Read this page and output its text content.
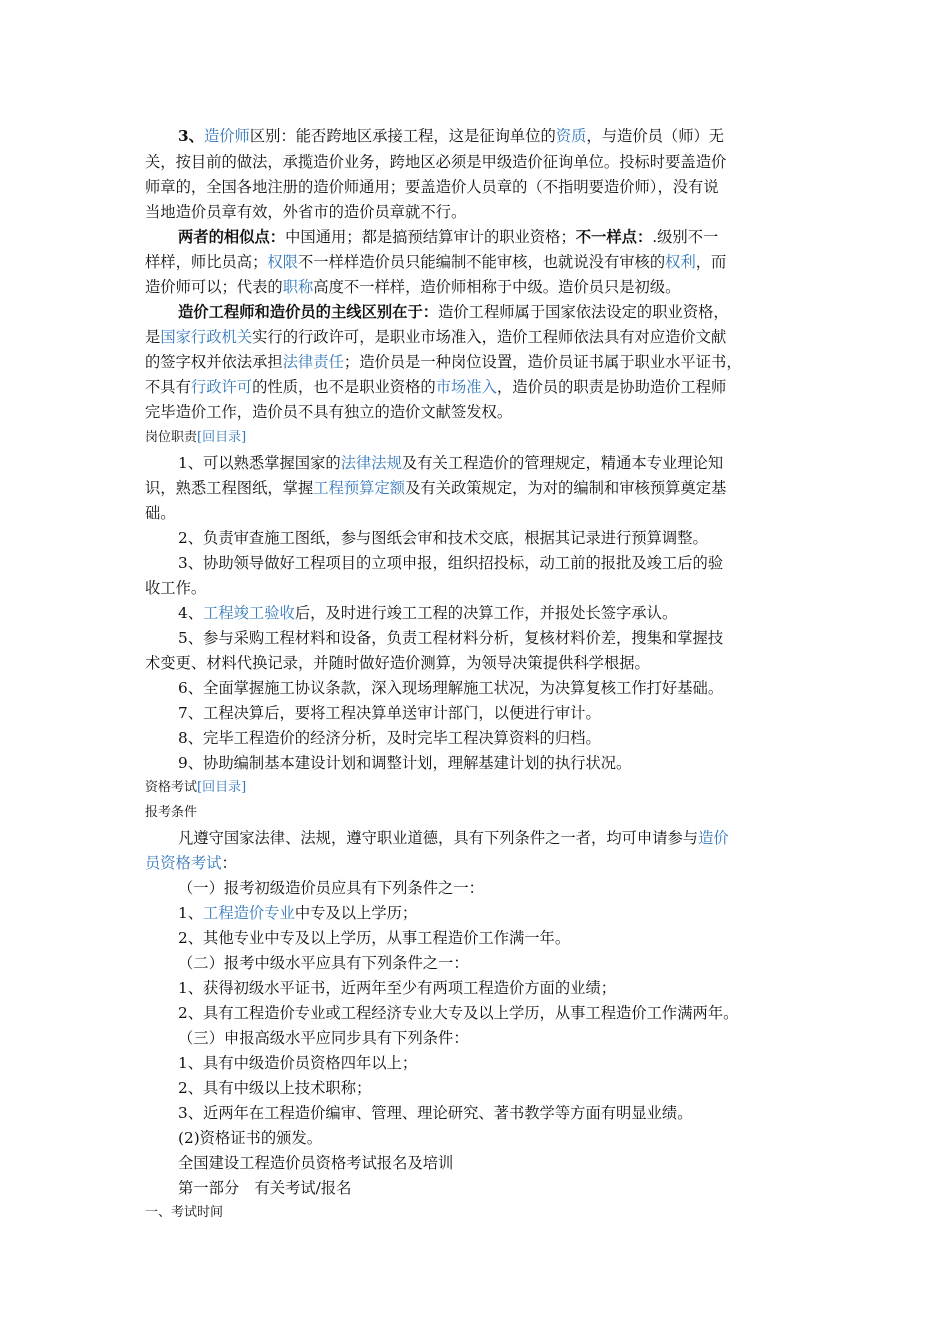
3、造价师区别：能否跨地区承接工程，这是征询单位的资质，与造价员（师）无
关，按目前的做法，承揽造价业务，跨地区必须是甲级造价征询单位。投标时要盖造价
师章的，全国各地注册的造价师通用；要盖造价人员章的（不指明要造价师），没有说
当地造价员章有效，外省市的造价员章就不行。
两者的相似点：中国通用；都是搞预结算审计的职业资格；不一样点：.级别不一
样样，师比员高；权限不一样样造价员只能编制不能审核，也就说没有审核的权利，而
造价师可以；代表的职称高度不一样样，造价师相称于中级。造价员只是初级。
造价工程师和造价员的主线区别在于：造价工程师属于国家依法设定的职业资格，
是国家行政机关实行的行政许可，是职业市场准入，造价工程师依法具有对应造价文献
的签字权并依法承担法律责任；造价员是一种岗位设置，造价员证书属于职业水平证书，
不具有行政许可的性质，也不是职业资格的市场准入，造价员的职责是协助造价工程师
完毕造价工作，造价员不具有独立的造价文献签发权。
岗位职责[回目录]
1、可以熟悉掌握国家的法律法规及有关工程造价的管理规定，精通本专业理论知
识，熟悉工程图纸，掌握工程预算定额及有关政策规定，为对的编制和审核预算奠定基
础。
2、负责审查施工图纸，参与图纸会审和技术交底，根据其记录进行预算调整。
3、协助领导做好工程项目的立项申报，组织招投标，动工前的报批及竣工后的验
收工作。
4、工程竣工验收后，及时进行竣工工程的决算工作，并报处长签字承认。
5、参与采购工程材料和设备，负责工程材料分析，复核材料价差，搜集和掌握技
术变更、材料代换记录，并随时做好造价测算，为领导决策提供科学根据。
6、全面掌握施工协议条款，深入现场理解施工状况，为决算复核工作打好基础。
7、工程决算后，要将工程决算单送审计部门，以便进行审计。
8、完毕工程造价的经济分析，及时完毕工程决算资料的归档。
9、协助编制基本建设计划和调整计划，理解基建计划的执行状况。
资格考试[回目录]
报考条件
凡遵守国家法律、法规，遵守职业道德，具有下列条件之一者，均可申请参与造价
员资格考试：
（一）报考初级造价员应具有下列条件之一：
1、工程造价专业中专及以上学历；
2、其他专业中专及以上学历，从事工程造价工作满一年。
（二）报考中级水平应具有下列条件之一：
1、获得初级水平证书，近两年至少有两项工程造价方面的业绩；
2、具有工程造价专业或工程经济专业大专及以上学历，从事工程造价工作满两年。
（三）申报高级水平应同步具有下列条件：
1、具有中级造价员资格四年以上；
2、具有中级以上技术职称；
3、近两年在工程造价编审、管理、理论研究、著书教学等方面有明显业绩。
(2)资格证书的颁发。
全国建设工程造价员资格考试报名及培训
第一部分　有关考试/报名
一、考试时间
